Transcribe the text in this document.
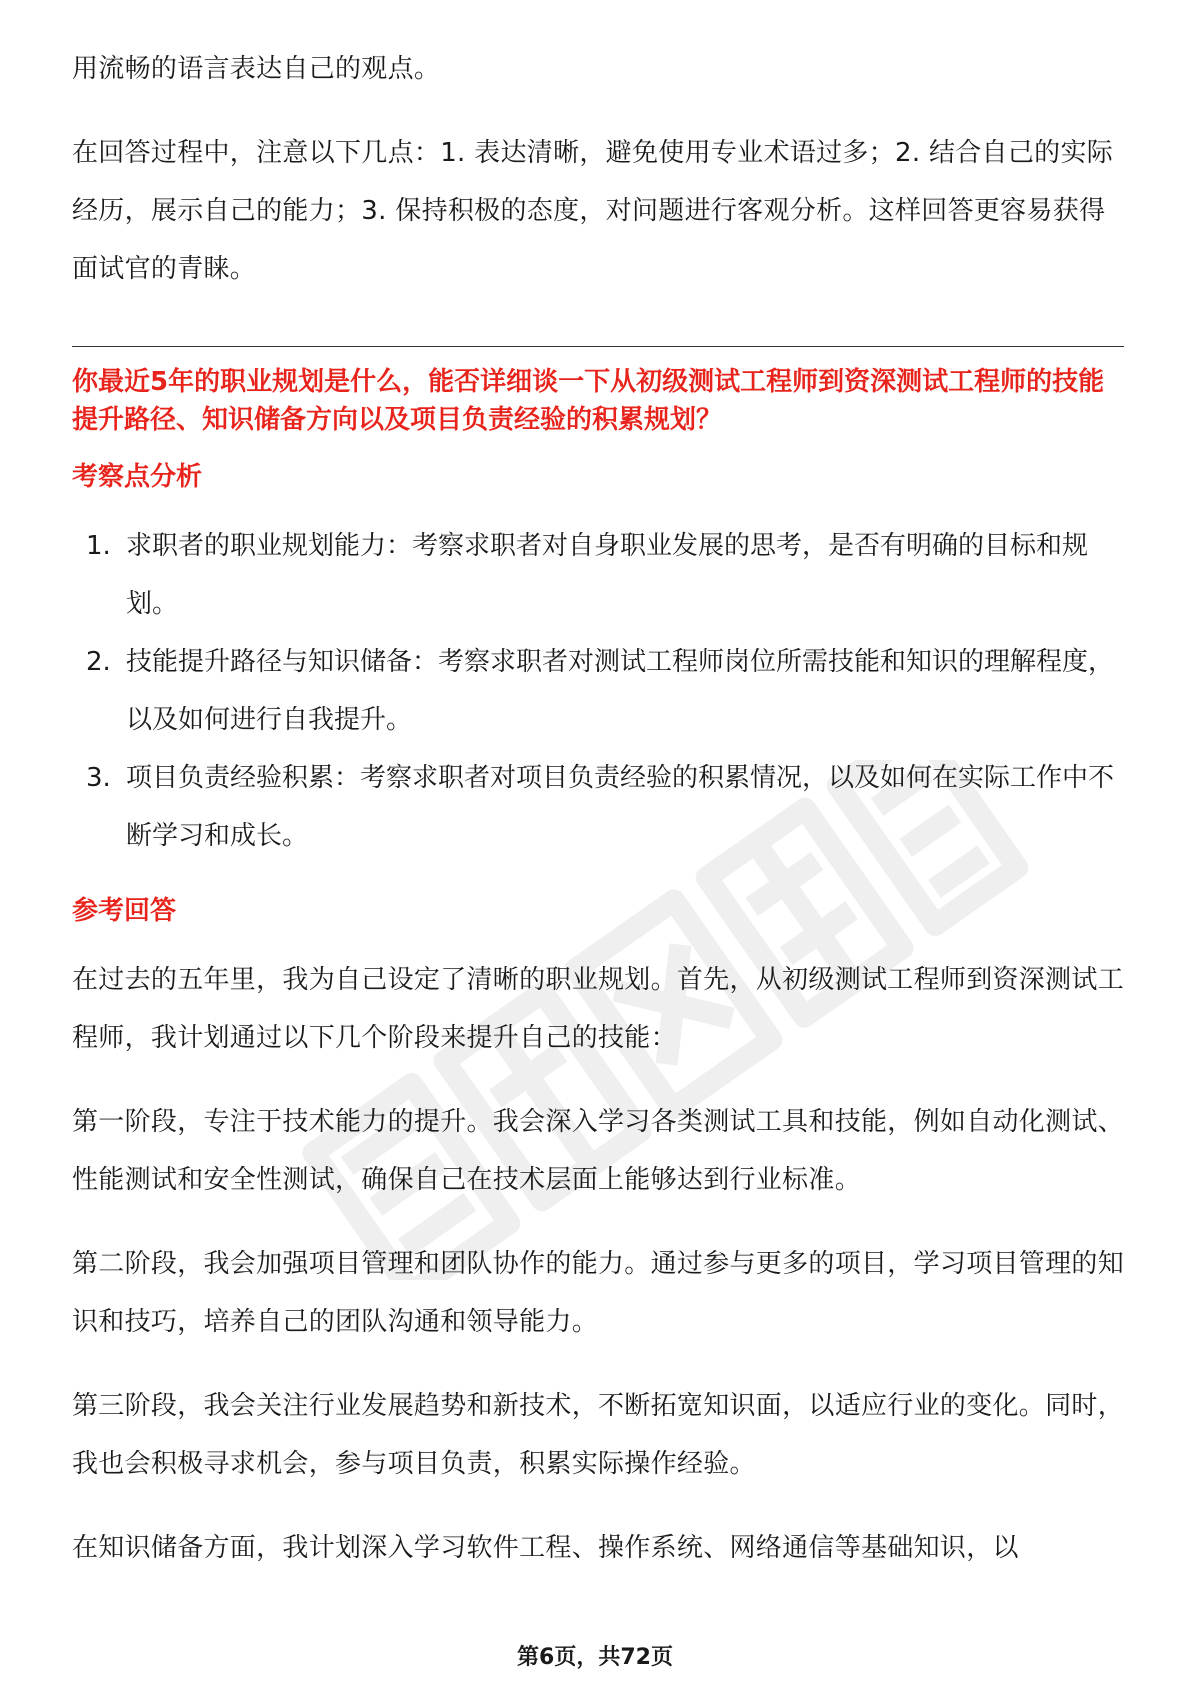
用流畅的语言表达自己的观点。

在回答过程中，注意以下几点：1. 表达清晰，避免使用专业术语过多；2. 结合自己的实际经历，展示自己的能力；3. 保持积极的态度，对问题进行客观分析。这样回答更容易获得面试官的青睐。

你最近5年的职业规划是什么，能否详细谈一下从初级测试工程师到资深测试工程师的技能提升路径、知识储备方向以及项目负责经验的积累规划？

考察点分析
1. 求职者的职业规划能力：考察求职者对自身职业发展的思考，是否有明确的目标和规划。
2. 技能提升路径与知识储备：考察求职者对测试工程师岗位所需技能和知识的理解程度，以及如何进行自我提升。
3. 项目负责经验积累：考察求职者对项目负责经验的积累情况，以及如何在实际工作中不断学习和成长。
参考回答

在过去的五年里，我为自己设定了清晰的职业规划。首先，从初级测试工程师到资深测试工程师，我计划通过以下几个阶段来提升自己的技能：

第一阶段，专注于技术能力的提升。我会深入学习各类测试工具和技能，例如自动化测试、性能测试和安全性测试，确保自己在技术层面上能够达到行业标准。

第二阶段，我会加强项目管理和团队协作的能力。通过参与更多的项目，学习项目管理的知识和技巧，培养自己的团队沟通和领导能力。

第三阶段，我会关注行业发展趋势和新技术，不断拓宽知识面，以适应行业的变化。同时，我也会积极寻求机会，参与项目负责，积累实际操作经验。

在知识储备方面，我计划深入学习软件工程、操作系统、网络通信等基础知识，以

第6页，共72页
